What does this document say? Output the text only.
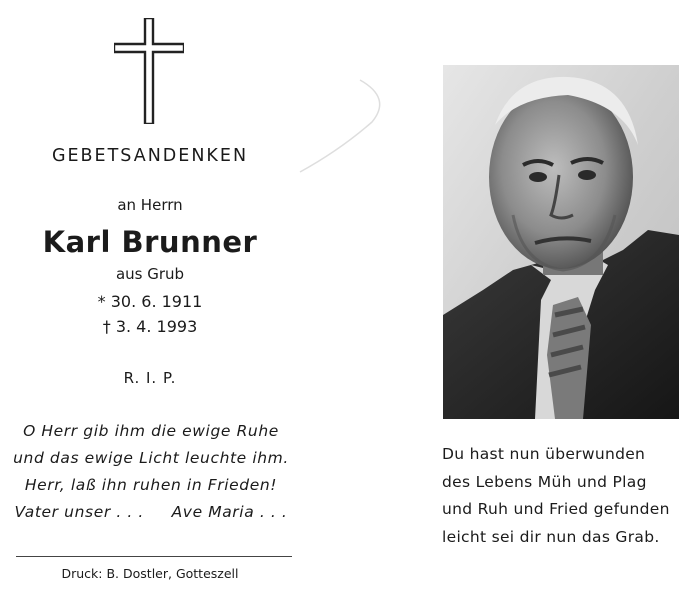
GEBETSANDENKEN
an Herrn
Karl Brunner
aus Grub
* 30. 6. 1911
† 3. 4. 1993
R. I. P.
O Herr gib ihm die ewige Ruhe
und das ewige Licht leuchte ihm.
Herr, laß ihn ruhen in Frieden!
Vater unser . . .     Ave Maria . . .
Druck: B. Dostler, Gotteszell
Du hast nun überwunden
des Lebens Müh und Plag
und Ruh und Fried gefunden
leicht sei dir nun das Grab.
